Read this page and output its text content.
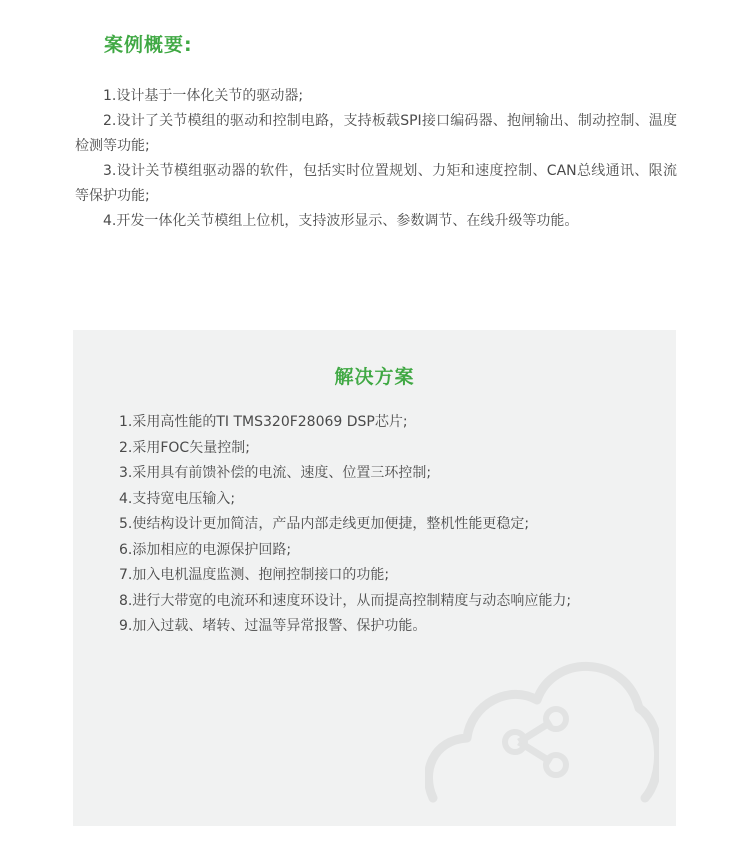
案例概要:

1.设计基于一体化关节的驱动器;

2.设计了关节模组的驱动和控制电路，支持板载SPI接口编码器、抱闸输出、制动控制、温度检测等功能;

3.设计关节模组驱动器的软件，包括实时位置规划、力矩和速度控制、CAN总线通讯、限流等保护功能;

4.开发一体化关节模组上位机，支持波形显示、参数调节、在线升级等功能。

解决方案
1.采用高性能的TI TMS320F28069 DSP芯片;
2.采用FOC矢量控制;
3.采用具有前馈补偿的电流、速度、位置三环控制;
4.支持宽电压输入;
5.使结构设计更加简洁，产品内部走线更加便捷，整机性能更稳定;
6.添加相应的电源保护回路;
7.加入电机温度监测、抱闸控制接口的功能;
8.进行大带宽的电流环和速度环设计，从而提高控制精度与动态响应能力;
9.加入过载、堵转、过温等异常报警、保护功能。
